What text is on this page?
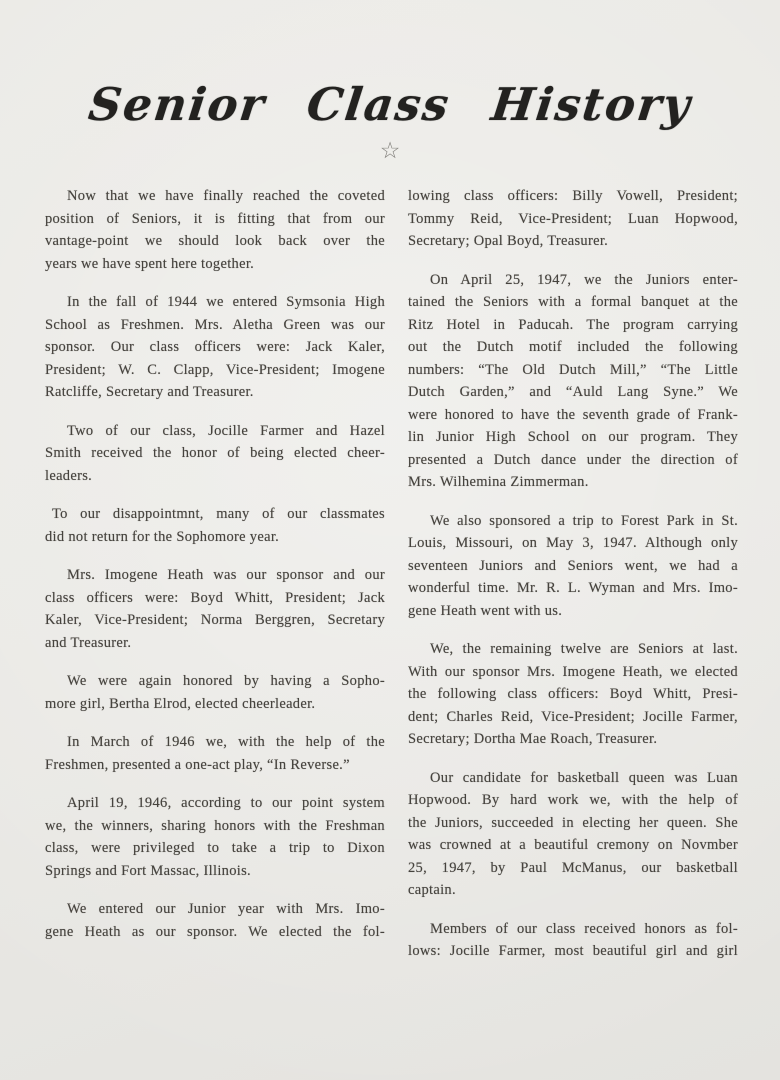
Senior Class History
☆
Now that we have finally reached the coveted
position of Seniors, it is fitting that from our
vantage-point we should look back over the
years we have spent here together.
In the fall of 1944 we entered Symsonia High
School as Freshmen. Mrs. Aletha Green was our
sponsor. Our class officers were: Jack Kaler,
President; W. C. Clapp, Vice-President; Imogene
Ratcliffe, Secretary and Treasurer.
Two of our class, Jocille Farmer and Hazel
Smith received the honor of being elected cheer-
leaders.
To our disappointmnt, many of our classmates
did not return for the Sophomore year.
Mrs. Imogene Heath was our sponsor and our
class officers were: Boyd Whitt, President; Jack
Kaler, Vice-President; Norma Berggren, Secretary
and Treasurer.
We were again honored by having a Sopho-
more girl, Bertha Elrod, elected cheerleader.
In March of 1946 we, with the help of the
Freshmen, presented a one-act play, “In Reverse.”
April 19, 1946, according to our point system
we, the winners, sharing honors with the Freshman
class, were privileged to take a trip to Dixon
Springs and Fort Massac, Illinois.
We entered our Junior year with Mrs. Imo-
gene Heath as our sponsor. We elected the fol-
lowing class officers: Billy Vowell, President;
Tommy Reid, Vice-President; Luan Hopwood,
Secretary; Opal Boyd, Treasurer.
On April 25, 1947, we the Juniors enter-
tained the Seniors with a formal banquet at the
Ritz Hotel in Paducah. The program carrying
out the Dutch motif included the following
numbers: “The Old Dutch Mill,” “The Little
Dutch Garden,” and “Auld Lang Syne.” We
were honored to have the seventh grade of Frank-
lin Junior High School on our program. They
presented a Dutch dance under the direction of
Mrs. Wilhemina Zimmerman.
We also sponsored a trip to Forest Park in St.
Louis, Missouri, on May 3, 1947. Although only
seventeen Juniors and Seniors went, we had a
wonderful time. Mr. R. L. Wyman and Mrs. Imo-
gene Heath went with us.
We, the remaining twelve are Seniors at last.
With our sponsor Mrs. Imogene Heath, we elected
the following class officers: Boyd Whitt, Presi-
dent; Charles Reid, Vice-President; Jocille Farmer,
Secretary; Dortha Mae Roach, Treasurer.
Our candidate for basketball queen was Luan
Hopwood. By hard work we, with the help of
the Juniors, succeeded in electing her queen. She
was crowned at a beautiful cremony on Novmber
25, 1947, by Paul McManus, our basketball
captain.
Members of our class received honors as fol-
lows: Jocille Farmer, most beautiful girl and girl
